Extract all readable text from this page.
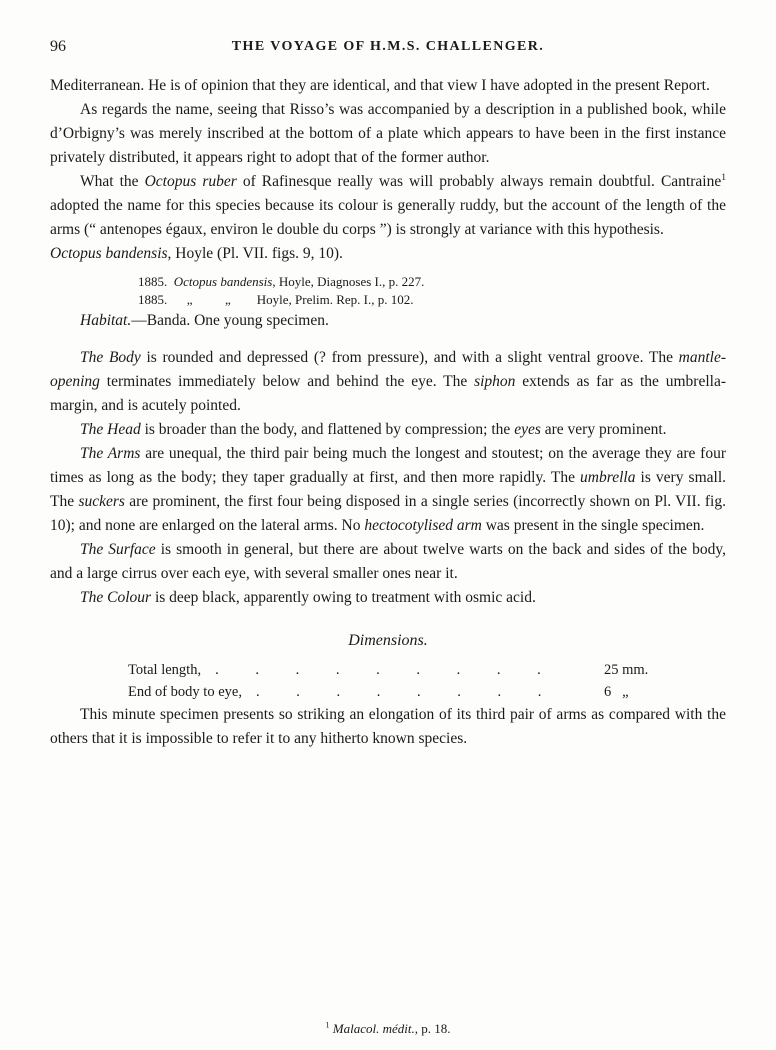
96	THE VOYAGE OF H.M.S. CHALLENGER.

Mediterranean. He is of opinion that they are identical, and that view I have adopted in the present Report.

As regards the name, seeing that Risso’s was accompanied by a description in a published book, while d’Orbigny’s was merely inscribed at the bottom of a plate which appears to have been in the first instance privately distributed, it appears right to adopt that of the former author.

What the Octopus ruber of Rafinesque really was will probably always remain doubtful. Cantraine$^1$ adopted the name for this species because its colour is generally ruddy, but the account of the length of the arms (“ antenopes égaux, environ le double du corps ”) is strongly at variance with this hypothesis.

Octopus bandensis, Hoyle (Pl. VII. figs. 9, 10).

1885.  Octopus bandensis, Hoyle, Diagnoses I., p. 227.
1885.      „          „        Hoyle, Prelim. Rep. I., p. 102.

Habitat.—Banda. One young specimen.

The Body is rounded and depressed (? from pressure), and with a slight ventral groove. The mantle-opening terminates immediately below and behind the eye. The siphon extends as far as the umbrella-margin, and is acutely pointed.

The Head is broader than the body, and flattened by compression; the eyes are very prominent.

The Arms are unequal, the third pair being much the longest and stoutest; on the average they are four times as long as the body; they taper gradually at first, and then more rapidly. The umbrella is very small. The suckers are prominent, the first four being disposed in a single series (incorrectly shown on Pl. VII. fig. 10); and none are enlarged on the lateral arms. No hectocotylised arm was present in the single specimen.

The Surface is smooth in general, but there are about twelve warts on the back and sides of the body, and a large cirrus over each eye, with several smaller ones near it.

The Colour is deep black, apparently owing to treatment with osmic acid.

Dimensions.
Total length, . . . . . . . . .	25 mm.
End of body to eye, . . . . . . . .	6   „

This minute specimen presents so striking an elongation of its third pair of arms as compared with the others that it is impossible to refer it to any hitherto known species.

$^1$ Malacol. médit., p. 18.
